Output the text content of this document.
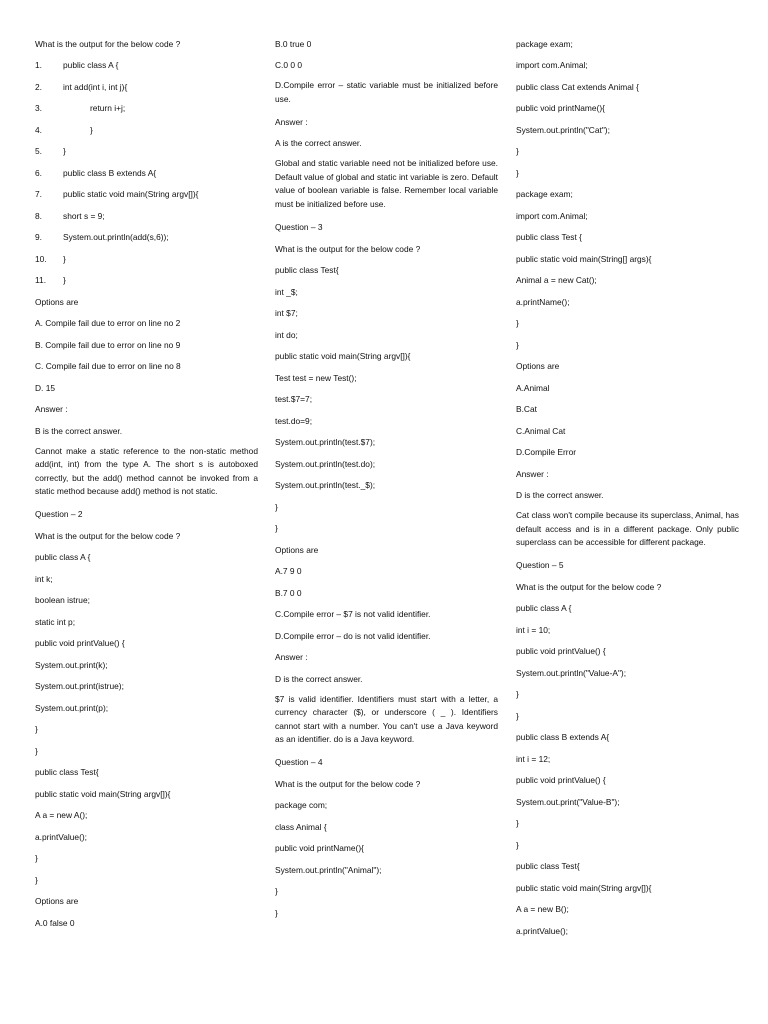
What is the output for the below code ?
1.	public class A {
2.	int add(int i, int j){
3.	return i+j;
4.	}
5.	}
6.	public class B extends A{
7.	public static void main(String argv[]){
8.	short s = 9;
9.	System.out.println(add(s,6));
10.	}
11.	}
Options are
A. Compile fail due to error on line no 2
B. Compile fail due to error on line no 9
C. Compile fail due to error on line no 8
D. 15
Answer :
B is the correct answer.
Cannot make a static reference to the non-static method add(int, int) from the type A. The short s is autoboxed correctly, but the add() method cannot be invoked from a static method because add() method is not static.
Question – 2
What is the output for the below code ?
public class A {
int k;
boolean istrue;
static int p;
public void printValue() {
System.out.print(k);
System.out.print(istrue);
System.out.print(p);
}
}
public class Test{
public static void main(String argv[]){
A a = new A();
a.printValue();
}
}
Options are
A.0 false 0
B.0 true 0
C.0 0 0
D.Compile error – static variable must be initialized before use.
Answer :
A is the correct answer.
Global and static variable need not be initialized before use. Default value of global and static int variable is zero. Default value of boolean variable is false. Remember local variable must be initialized before use.
Question – 3
What is the output for the below code ?
public class Test{
int _$;
int $7;
int do;
public static void main(String argv[]){
Test test = new Test();
test.$7=7;
test.do=9;
System.out.println(test.$7);
System.out.println(test.do);
System.out.println(test._$);
}
}
Options are
A.7 9 0
B.7 0 0
C.Compile error – $7 is not valid identifier.
D.Compile error – do is not valid identifier.
Answer :
D is the correct answer.
$7 is valid identifier. Identifiers must start with a letter, a currency character ($), or underscore ( _ ). Identifiers cannot start with a number. You can't use a Java keyword as an identifier. do is a Java keyword.
Question – 4
What is the output for the below code ?
package com;
class Animal {
public void printName(){
System.out.println("Animal");
}
}
package exam;
import com.Animal;
public class Cat extends Animal {
public void printName(){
System.out.println("Cat");
}
}
package exam;
import com.Animal;
public class Test {
public static void main(String[] args){
Animal a = new Cat();
a.printName();
}
}
Options are
A.Animal
B.Cat
C.Animal Cat
D.Compile Error
Answer :
D is the correct answer.
Cat class won't compile because its superclass, Animal, has default access and is in a different package. Only public superclass can be accessible for different package.
Question – 5
What is the output for the below code ?
public class A {
int i = 10;
public void printValue() {
System.out.println("Value-A");
}
}
public class B extends A{
int i = 12;
public void printValue() {
System.out.print("Value-B");
}
}
public class Test{
public static void main(String argv[]){
A a = new B();
a.printValue();
